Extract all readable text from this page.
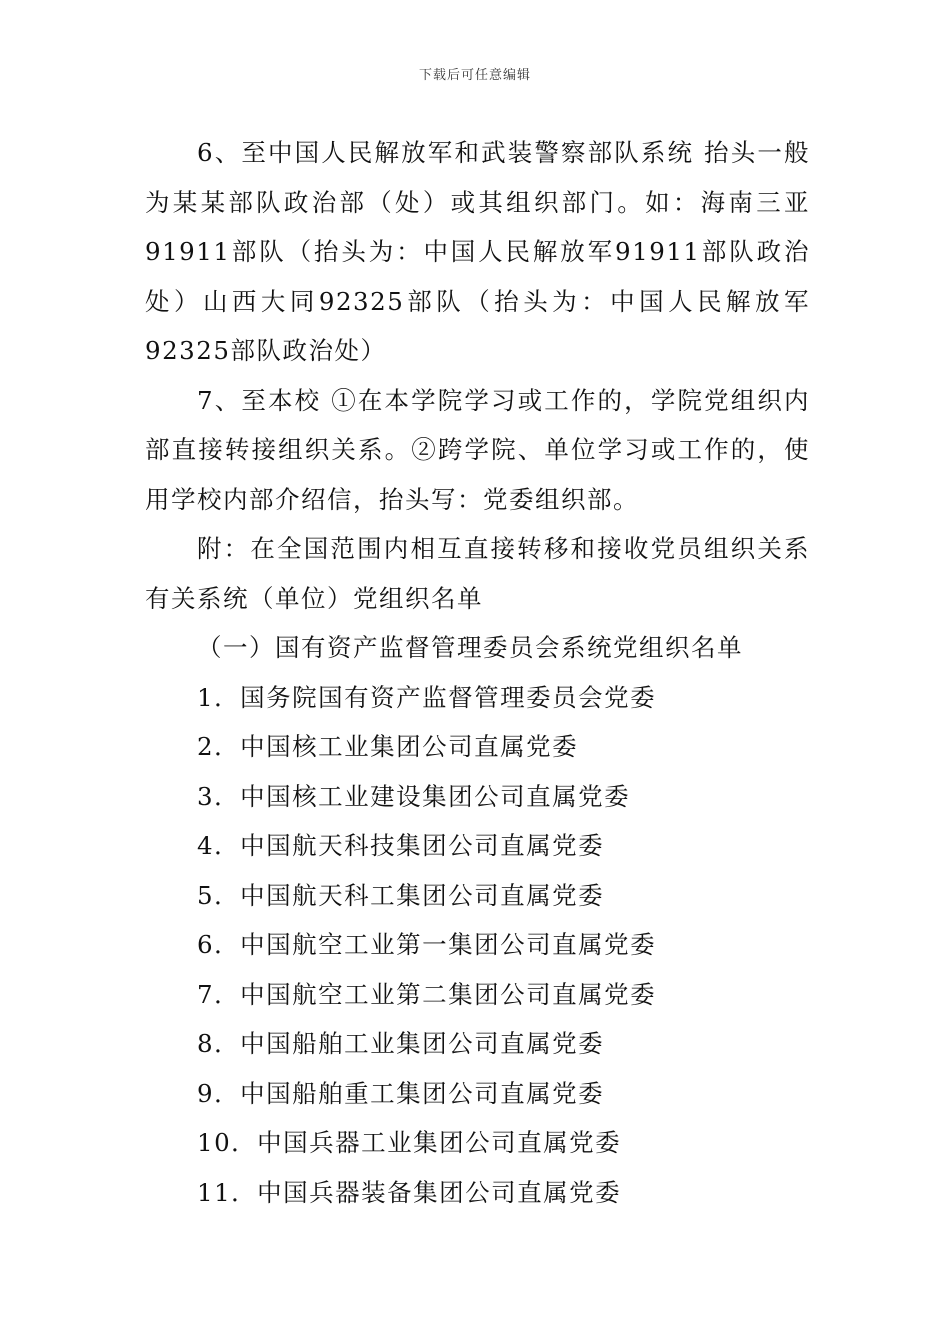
下载后可任意编辑

6、至中国人民解放军和武装警察部队系统 抬头一般为某某部队政治部（处）或其组织部门。如：海南三亚91911部队（抬头为：中国人民解放军91911部队政治处）山西大同92325部队（抬头为：中国人民解放军92325部队政治处）

7、至本校 ①在本学院学习或工作的，学院党组织内部直接转接组织关系。②跨学院、单位学习或工作的，使用学校内部介绍信，抬头写：党委组织部。

附：在全国范围内相互直接转移和接收党员组织关系有关系统（单位）党组织名单

（一）国有资产监督管理委员会系统党组织名单

1．国务院国有资产监督管理委员会党委
2．中国核工业集团公司直属党委
3．中国核工业建设集团公司直属党委
4．中国航天科技集团公司直属党委
5．中国航天科工集团公司直属党委
6．中国航空工业第一集团公司直属党委
7．中国航空工业第二集团公司直属党委
8．中国船舶工业集团公司直属党委
9．中国船舶重工集团公司直属党委
10．中国兵器工业集团公司直属党委
11．中国兵器装备集团公司直属党委
